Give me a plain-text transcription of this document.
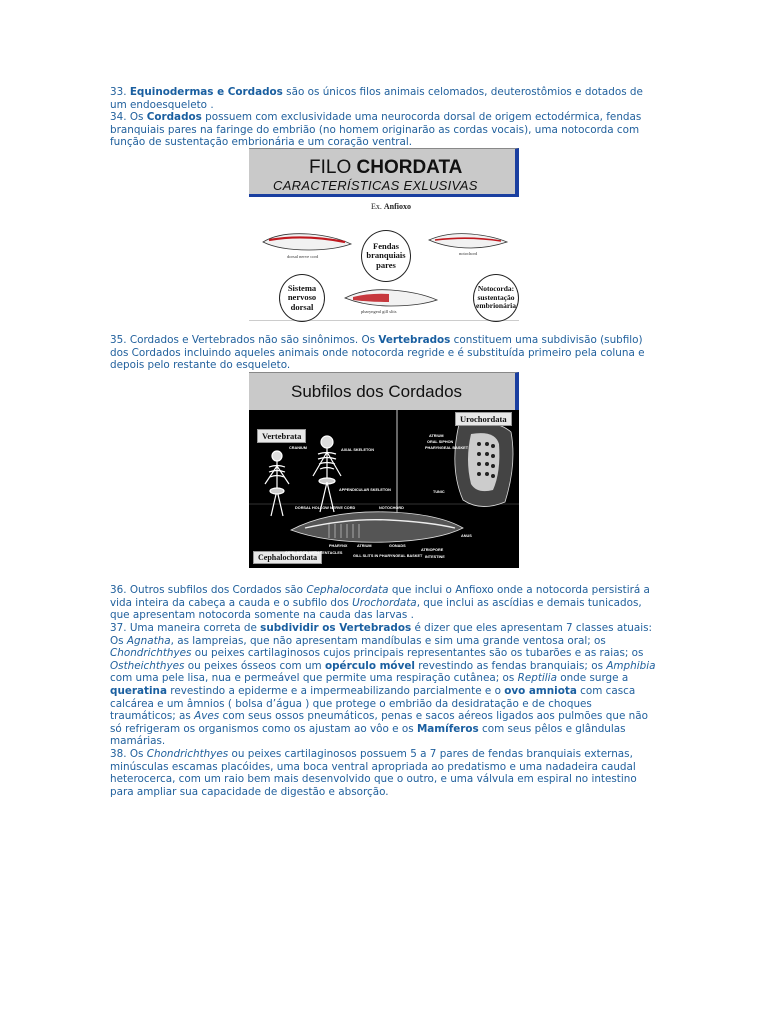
33. Equinodermas e Cordados são os únicos filos animais celomados, deuterostômios e dotados de um endoesqueleto .
34. Os Cordados possuem com exclusividade uma neurocorda dorsal de origem ectodérmica, fendas branquiais pares na faringe do embrião (no homem originarão as cordas vocais), uma notocorda com função de sustentação embrionária e um coração ventral.
FILO CHORDATA
CARACTERÍSTICAS EXLUSIVAS
Ex. Anfioxo
dorsal nerve cord
notochord
pharyngeal gill slits
Fendas branquiais pares
Sistema nervoso dorsal
Notocorda: sustentação embrionária
35. Cordados e Vertebrados não são sinônimos. Os Vertebrados constituem uma subdivisão (subfilo) dos Cordados incluindo aqueles animais onde notocorda regride e é substituída primeiro pela coluna e depois pelo restante do esqueleto.
Subfilos dos Cordados
Vertebrata
Urochordata
Cephalochordata
CRANIUM	AXIAL SKELETON
APPENDICULAR SKELETON
ATRIUM
ORAL SIPHON
PHARYNGEAL BASKET
TUNIC
DORSAL HOLLOW NERVE CORD	NOTOCHORD
GONADS
PHARYNX	ATRIUM
ANUS
ORAL HOOD WITH TENTACLES
GILL SLITS IN PHARYNGEAL BASKET
ATRIOPORE
INTESTINE
36. Outros subfilos dos Cordados são Cephalocordata que inclui o Anfioxo onde a notocorda persistirá a vida inteira da cabeça a cauda e o subfilo dos Urochordata, que inclui as ascídias e demais tunicados, que apresentam notocorda somente na cauda das larvas .
37. Uma maneira correta de subdividir os Vertebrados é dizer que eles apresentam 7 classes atuais: Os Agnatha, as lampreias, que não apresentam mandíbulas e sim uma grande ventosa oral; os Chondrichthyes ou peixes cartilaginosos cujos principais representantes são os tubarões e as raias; os Ostheichthyes ou peixes ósseos com um opérculo móvel revestindo as fendas branquiais; os Amphibia com uma pele lisa, nua e permeável que permite uma respiração cutânea; os Reptilia onde surge a queratina revestindo a epiderme e a impermeabilizando parcialmente e o ovo amniota com casca calcárea e um âmnios ( bolsa d’água ) que protege o embrião da desidratação e de choques traumáticos; as Aves com seus ossos pneumáticos, penas e sacos aéreos ligados aos pulmões que não só refrigeram os organismos como os ajustam ao vôo e os Mamíferos com seus pêlos e glândulas mamárias.
38. Os Chondrichthyes ou peixes cartilaginosos possuem 5 a 7 pares de fendas branquiais externas, minúsculas escamas placóides, uma boca ventral apropriada ao predatismo e uma nadadeira caudal heterocerca, com um raio bem mais desenvolvido que o outro, e uma válvula em espiral no intestino para ampliar sua capacidade de digestão e absorção.
